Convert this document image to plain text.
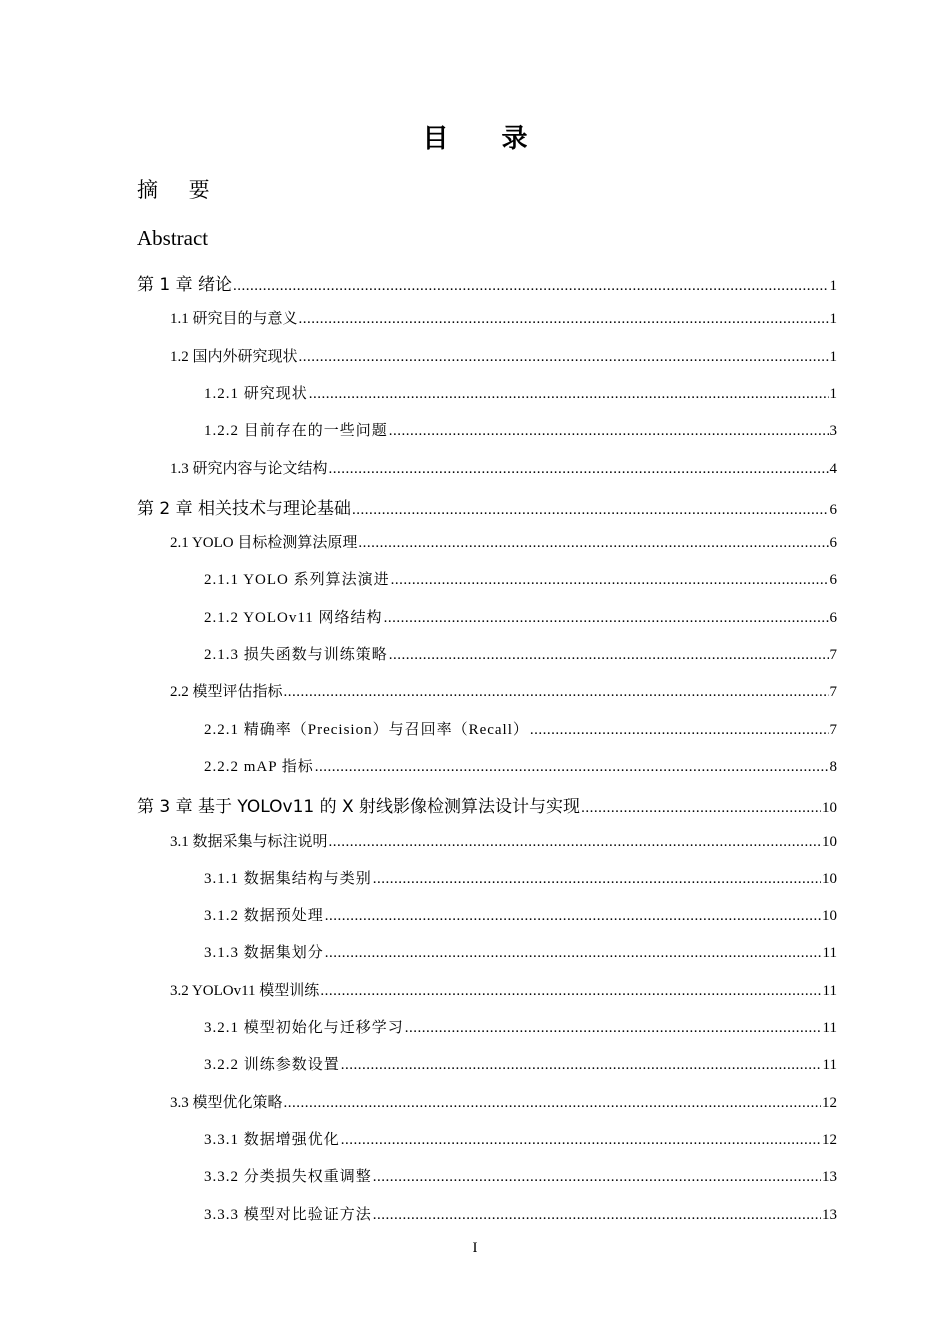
目 录
摘 要
Abstract
第 1 章 绪论 .....	1
1.1 研究目的与意义 .....	1
1.2 国内外研究现状 .....	1
1.2.1 研究现状 .....	1
1.2.2 目前存在的一些问题 .....	3
1.3 研究内容与论文结构 .....	4
第 2 章 相关技术与理论基础 .....	6
2.1 YOLO 目标检测算法原理 .....	6
2.1.1 YOLO 系列算法演进 .....	6
2.1.2 YOLOv11 网络结构 .....	6
2.1.3 损失函数与训练策略 .....	7
2.2 模型评估指标 .....	7
2.2.1 精确率（Precision）与召回率（Recall） .....	7
2.2.2 mAP 指标 .....	8
第 3 章 基于 YOLOv11 的 X 射线影像检测算法设计与实现 .....	10
3.1 数据采集与标注说明 .....	10
3.1.1 数据集结构与类别 .....	10
3.1.2 数据预处理 .....	10
3.1.3 数据集划分 .....	11
3.2 YOLOv11 模型训练 .....	11
3.2.1 模型初始化与迁移学习 .....	11
3.2.2 训练参数设置 .....	11
3.3 模型优化策略 .....	12
3.3.1 数据增强优化 .....	12
3.3.2 分类损失权重调整 .....	13
3.3.3 模型对比验证方法 .....	13
I
